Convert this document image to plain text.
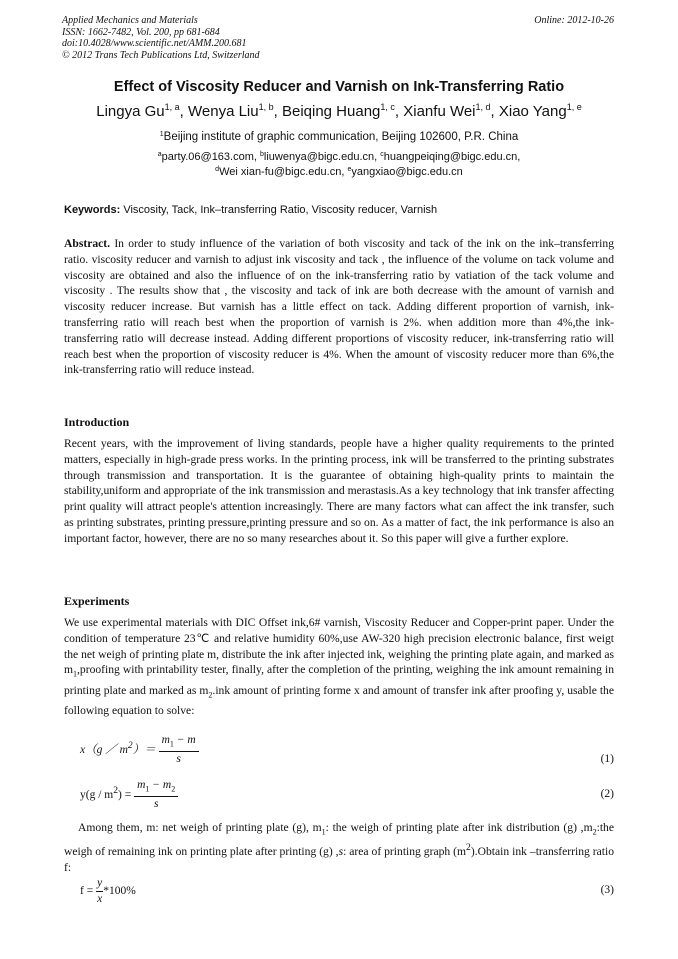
Applied Mechanics and Materials
ISSN: 1662-7482, Vol. 200, pp 681-684
doi:10.4028/www.scientific.net/AMM.200.681
© 2012 Trans Tech Publications Ltd, Switzerland
Online: 2012-10-26
Effect of Viscosity Reducer and Varnish on Ink-Transferring Ratio
Lingya Gu$^{1, a}$, Wenya Liu$^{1, b}$, Beiqing Huang$^{1, c}$, Xianfu Wei$^{1, d}$, Xiao Yang$^{1, e}$
$^1$Beijing institute of graphic communication, Beijing 102600, P.R. China
$^a$party.06@163.com, $^b$liuwenya@bigc.edu.cn, $^c$huangpeiqing@bigc.edu.cn,
$^d$Wei xian-fu@bigc.edu.cn, $^e$yangxiao@bigc.edu.cn
Keywords: Viscosity, Tack, Ink–transferring Ratio, Viscosity reducer, Varnish

Abstract. In order to study influence of the variation of both viscosity and tack of the ink on the ink–transferring ratio. viscosity reducer and varnish to adjust ink viscosity and tack , the influence of the volume on tack volume and viscosity are obtained and also the influence of on the ink-transferring ratio by vatiation of the tack volume and viscosity . The results show that , the viscosity and tack of ink are both decrease with the amount of varnish and viscosity reducer increase. But varnish has a little effect on tack. Adding different proportion of varnish, ink-transferring ratio will reach best when the proportion of varnish is 2%. when addition more than 4%,the ink-transferring ratio will decrease instead. Adding different proportions of viscosity reducer, ink-transferring ratio will reach best when the proportion of viscosity reducer is 4%. When the amount of viscosity reducer more than 6%,the ink-transferring ratio will reduce instead.

Introduction

Recent years, with the improvement of living standards, people have a higher quality requirements to the printed matters, especially in high-grade press works. In the printing process, ink will be transferred to the printing substrates through transmission and transportation. It is the guarantee of obtaining high-quality prints to maintain the stability,uniform and appropriate of the ink transmission and merastasis.As a key technology that ink transfer affecting print quality will attract people's attention increasingly. There are many factors what can affect the ink transfer, such as printing substrates, printing pressure,printing pressure and so on. As a matter of fact, the ink performance is also an important factor, however, there are no so many researches about it. So this paper will give a further explore.

Experiments

We use experimental materials with DIC Offset ink,6# varnish, Viscosity Reducer and Copper-print paper. Under the condition of temperature 23℃ and relative humidity 60%,use AW-320 high precision electronic balance, first weigt the net weigh of printing plate m, distribute the ink after injected ink, weighing the printing plate again, and marked as $m_1,proofing$ with printability tester, finally, after the completion of the printing, weighing the ink amount remaining in printing plate and marked as $m_2.ink$ amount of printing forme x and amount of transfer ink after proofing y, usable the following equation to solve:

x（g ／ $m^2)= \frac{m_1 - m}{s}$	(1)
$y(g / m^2) = \frac{m_1 - m_2}{s}$	(2)

Among them, m: net weigh of printing plate (g), $m_1$: the weigh of printing plate after ink distribution (g) $,m_2:the$ weigh of remaining ink on printing plate after printing (g) ,s: area of printing graph $(m^2).Obtain$ ink –transferring ratio f:

$f = \frac{y}{x} *100\%$	(3)
